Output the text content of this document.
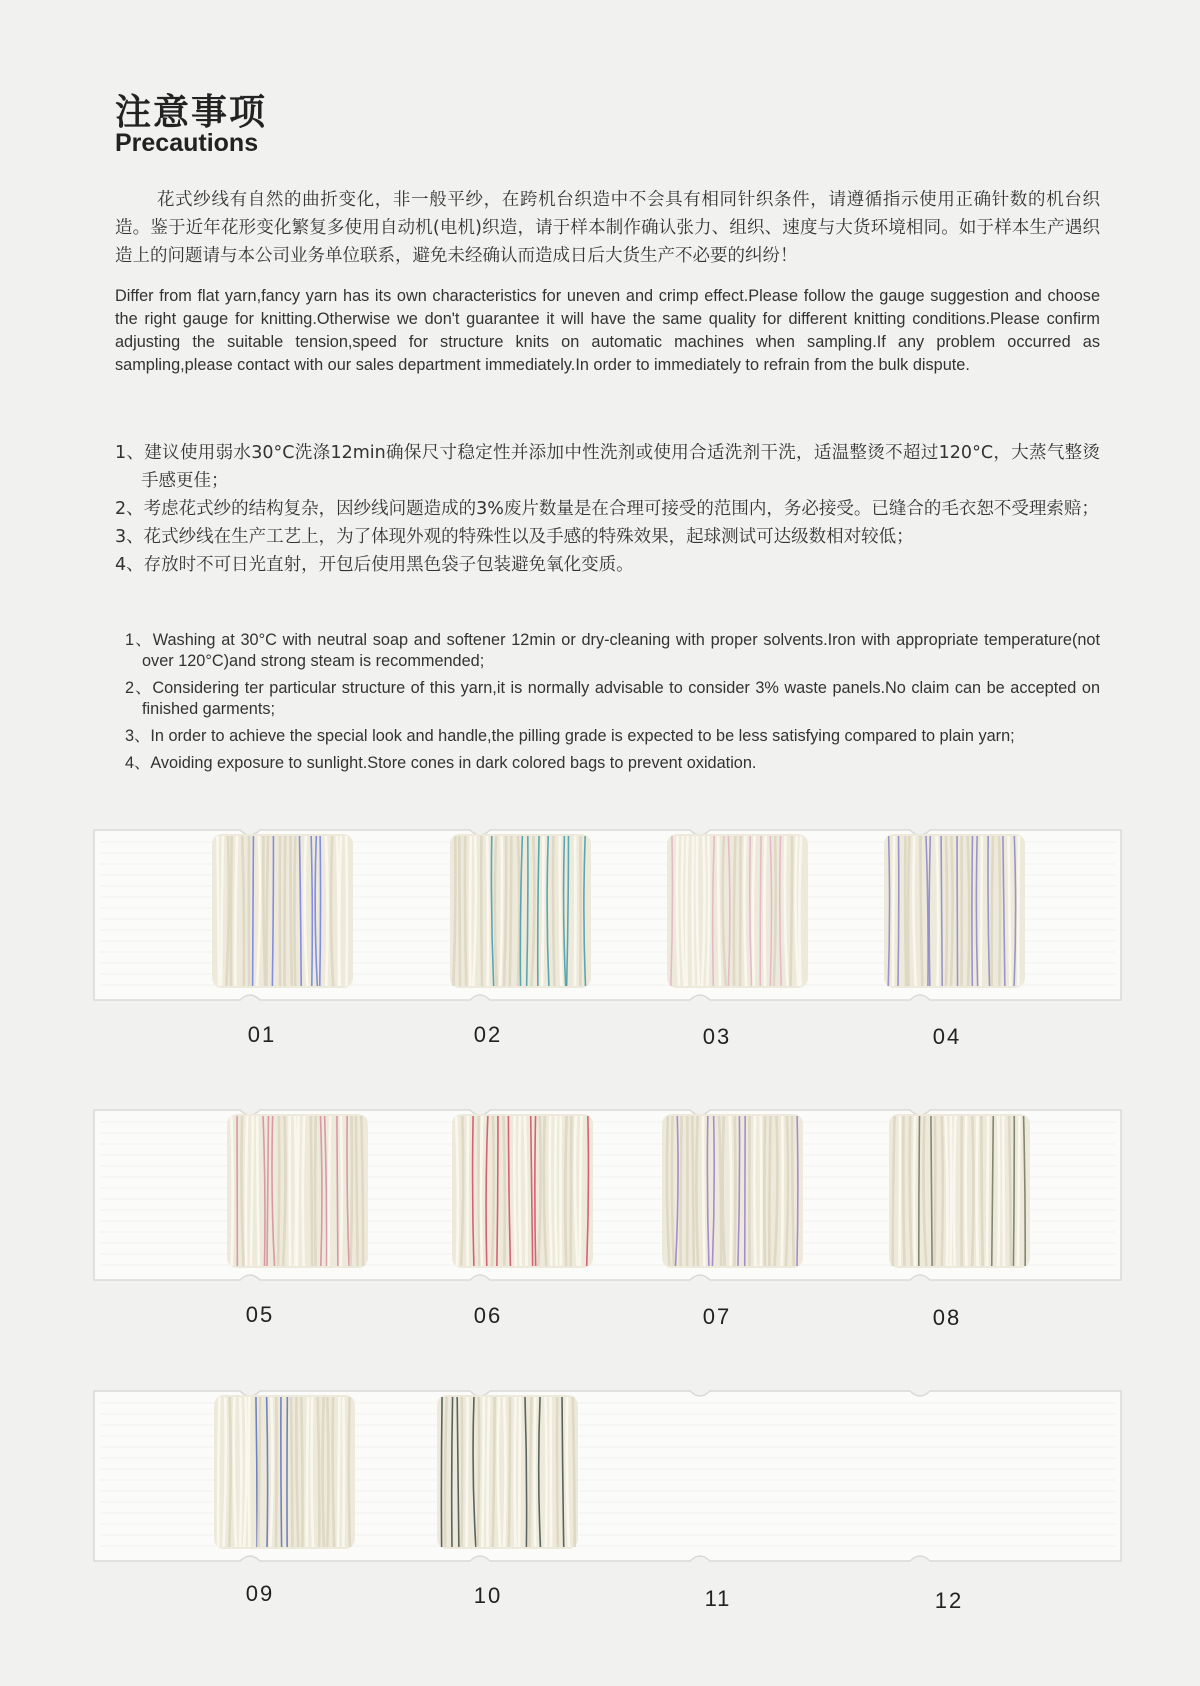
注意事项
Precautions

花式纱线有自然的曲折变化，非一般平纱，在跨机台织造中不会具有相同针织条件，请遵循指示使用正确针数的机台织造。鉴于近年花形变化繁复多使用自动机(电机)织造，请于样本制作确认张力、组织、速度与大货环境相同。如于样本生产遇织造上的问题请与本公司业务单位联系，避免未经确认而造成日后大货生产不必要的纠纷！

Differ from flat yarn,fancy yarn has its own characteristics for uneven and crimp effect.Please follow the gauge suggestion and choose the right gauge for knitting.Otherwise we don't guarantee it will have the same quality for different knitting conditions.Please confirm adjusting the suitable tension,speed for structure knits on automatic machines when sampling.If any problem occurred as sampling,please contact with our sales department immediately.In order to immediately to refrain from the bulk dispute.

1、建议使用弱水30°C洗涤12min确保尺寸稳定性并添加中性洗剂或使用合适洗剂干洗，适温整烫不超过120°C，大蒸气整烫手感更佳；
2、考虑花式纱的结构复杂，因纱线问题造成的3%废片数量是在合理可接受的范围内，务必接受。已缝合的毛衣恕不受理索赔；
3、花式纱线在生产工艺上，为了体现外观的特殊性以及手感的特殊效果，起球测试可达级数相对较低；
4、存放时不可日光直射，开包后使用黑色袋子包装避免氧化变质。
1、Washing at 30°C with neutral soap and softener 12min or dry-cleaning with proper solvents.Iron with appropriate temperature(not over 120°C)and strong steam is recommended;
2、Considering ter particular structure of this yarn,it is normally advisable to consider 3% waste panels.No claim can be accepted on finished garments;
3、In order to achieve the special look and handle,the pilling grade is expected to be less satisfying compared to plain yarn;
4、Avoiding exposure to sunlight.Store cones in dark colored bags to prevent oxidation.
01	02	03	04
05	06	07	08
09	10	11	12
